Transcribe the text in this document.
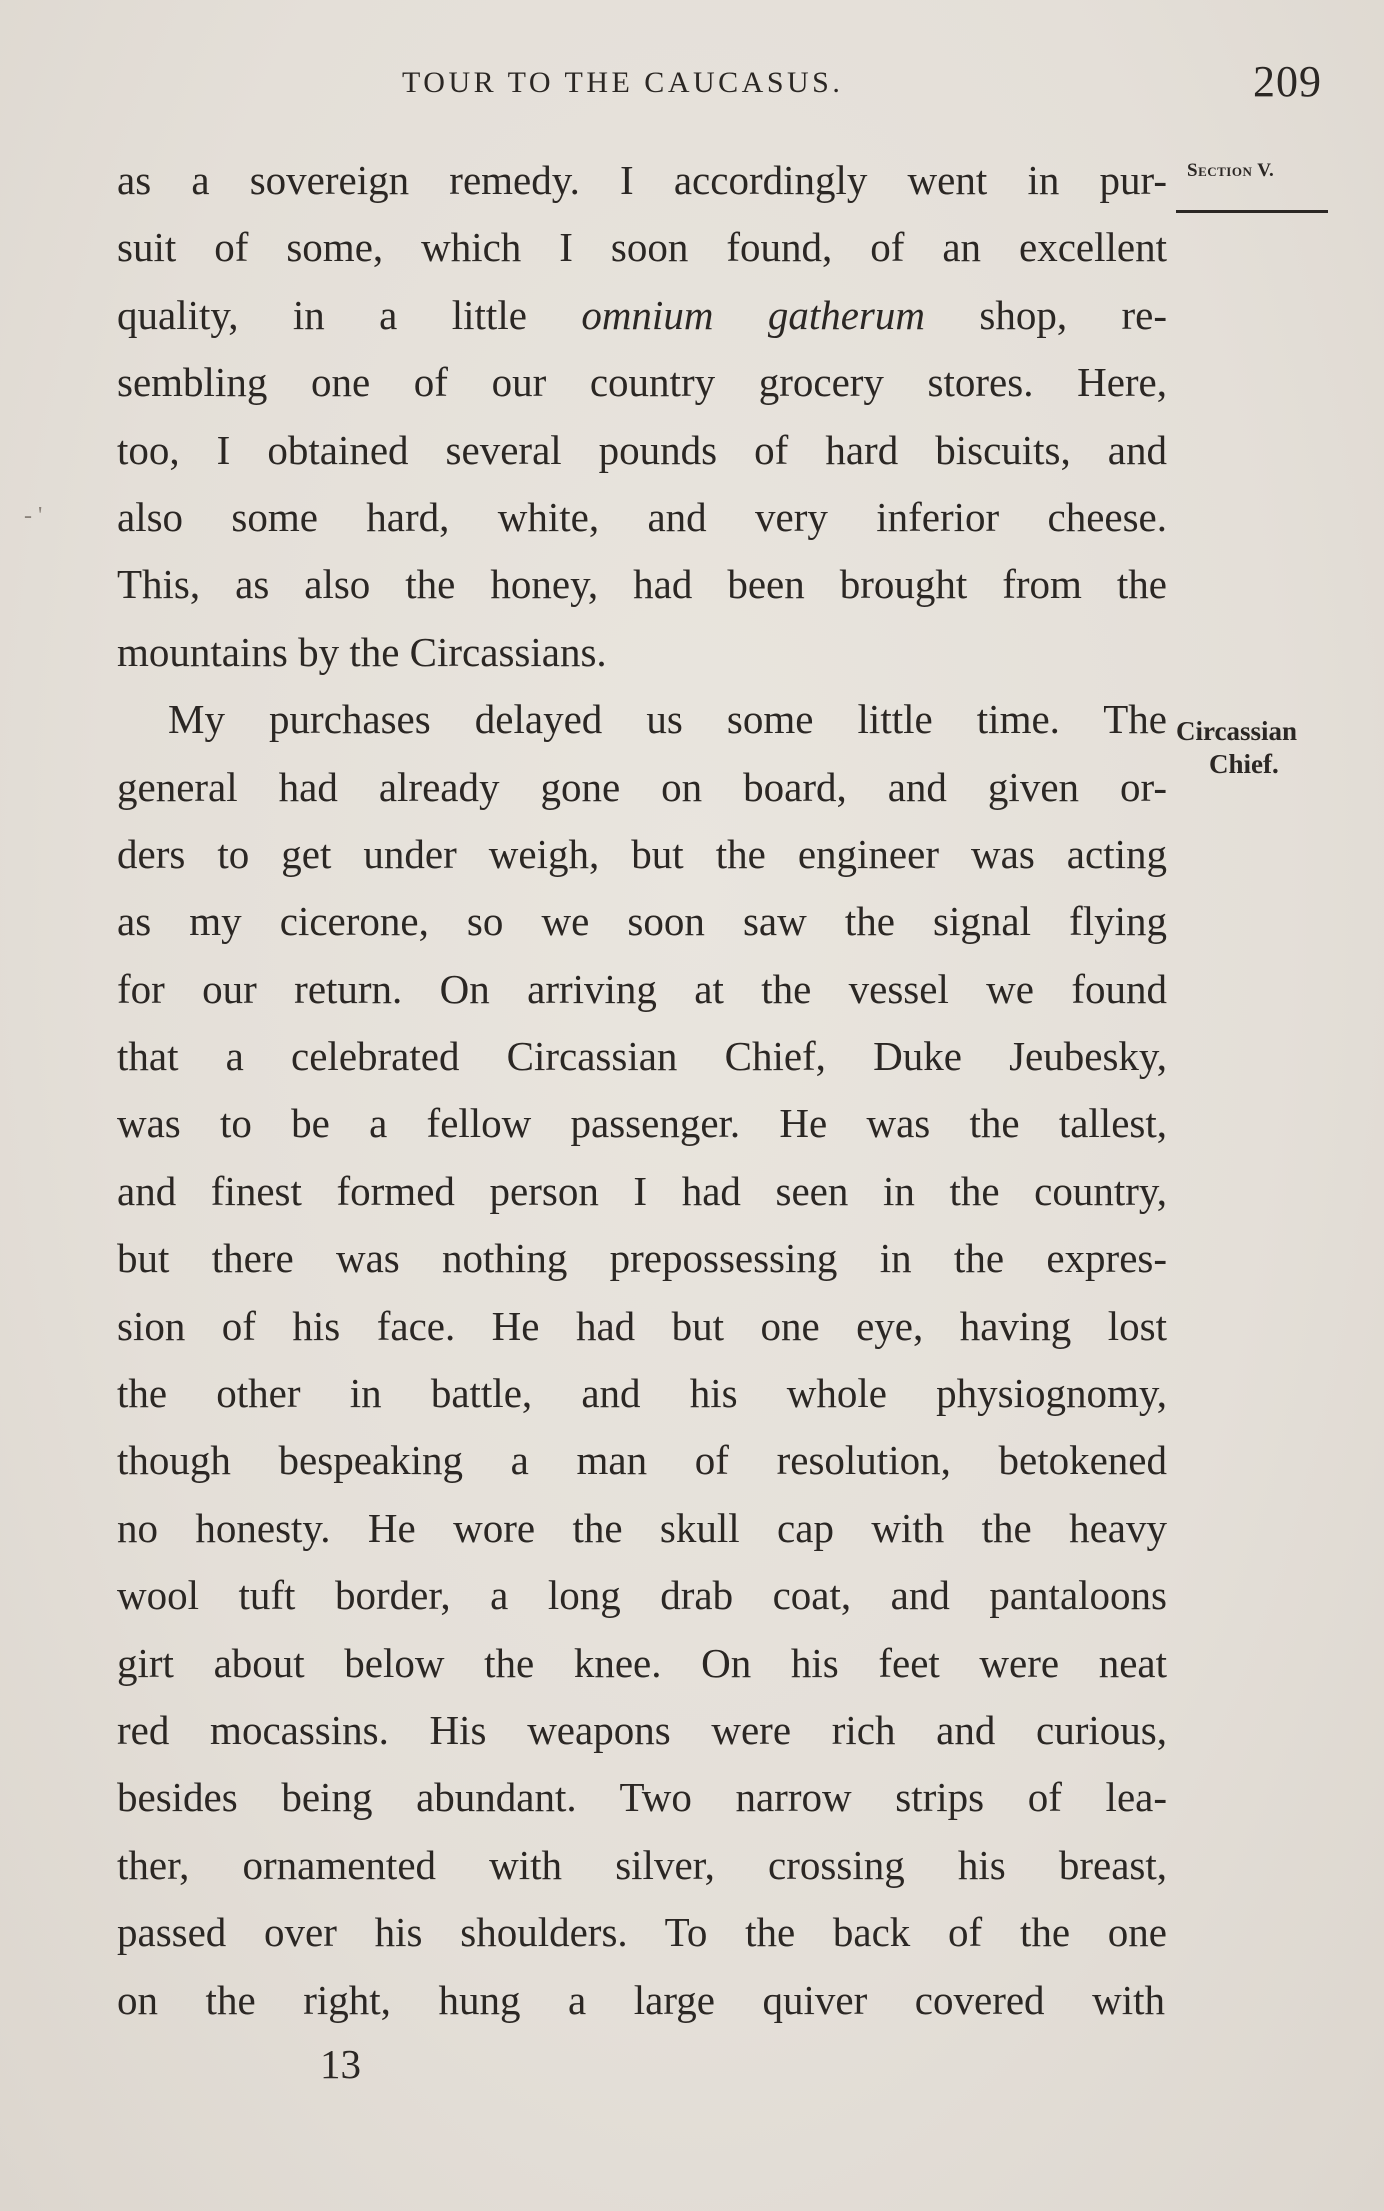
TOUR TO THE CAUCASUS.	209
Section V.
Circassian
Chief.
‐ '
as a sovereign remedy. I accordingly went in pur-
suit of some, which I soon found, of an excellent
quality, in a little omnium gatherum shop, re-
sembling one of our country grocery stores. Here,
too, I obtained several pounds of hard biscuits, and
also some hard, white, and very inferior cheese.
This, as also the honey, had been brought from the
mountains by the Circassians.
My purchases delayed us some little time. The
general had already gone on board, and given or-
ders to get under weigh, but the engineer was acting
as my cicerone, so we soon saw the signal flying
for our return. On arriving at the vessel we found
that a celebrated Circassian Chief, Duke Jeubesky,
was to be a fellow passenger. He was the tallest,
and finest formed person I had seen in the country,
but there was nothing prepossessing in the expres-
sion of his face. He had but one eye, having lost
the other in battle, and his whole physiognomy,
though bespeaking a man of resolution, betokened
no honesty. He wore the skull cap with the heavy
wool tuft border, a long drab coat, and pantaloons
girt about below the knee. On his feet were neat
red mocassins. His weapons were rich and curious,
besides being abundant. Two narrow strips of lea-
ther, ornamented with silver, crossing his breast,
passed over his shoulders. To the back of the one
on the right, hung a large quiver covered with
13
